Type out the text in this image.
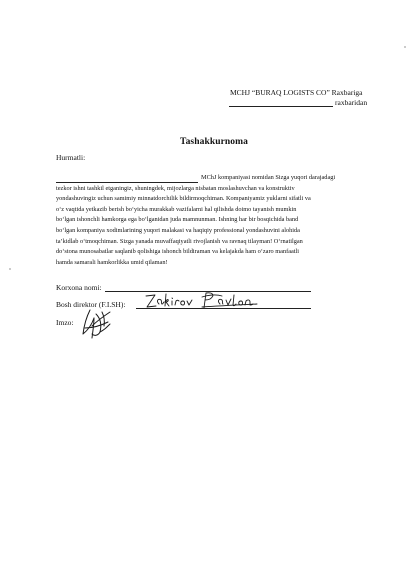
MCHJ “BURAQ LOGISTS CO” Raxbariga
raxbaridan
Tashakkurnoma
Hurmatli:

MChJ kompaniyasi nomidan Sizga yuqori darajadagi

tezkor ishni tashkil etganingiz, shuningdek, mijozlarga nisbatan moslashuvchan va konstruktiv

yondashuvingiz uchun samimiy minnatdorchilik bildirmoqchiman. Kompaniyamiz yuklarni sifatli va

o‘z vaqtida yetkazib berish bo‘yicha murakkab vazifalarni hal qilishda doimo tayanish mumkin

bo‘lgan ishonchli hamkorga ega bo‘lganidan juda mamnunman. Ishning har bir bosqichida band

bo‘lgan kompaniya xodimlarining yuqori malakasi va haqiqiy professional yondashuvini alohida

ta’kidlab o‘tmoqchiman. Sizga yanada muvaffaqiyatli rivojlanish va ravnaq tilayman! O‘rnatilgan

do‘stona munosabatlar saqlanib qolishiga ishonch bildiraman va kelajakda ham o‘zaro manfaatli

hamda samarali hamkorlikka umid qilaman!

Korxona nomi:
Bosh direktor (F.I.SH):
Imzo:
